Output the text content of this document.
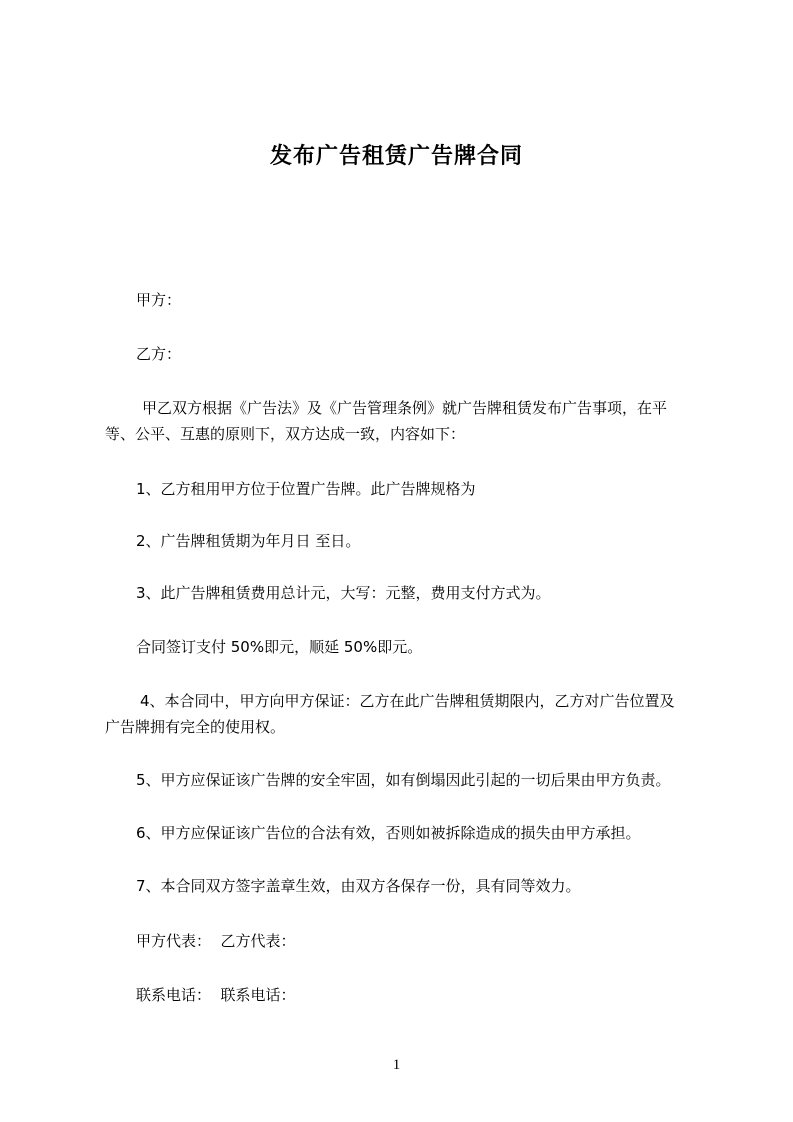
发布广告租赁广告牌合同
甲方：
乙方：
甲乙双方根据《广告法》及《广告管理条例》就广告牌租赁发布广告事项，在平
等、公平、互惠的原则下，双方达成一致，内容如下：
1、乙方租用甲方位于位置广告牌。此广告牌规格为
2、广告牌租赁期为年月日 至日。
3、此广告牌租赁费用总计元，大写：元整，费用支付方式为。
合同签订支付 50%即元，顺延 50%即元。
4、本合同中，甲方向甲方保证：乙方在此广告牌租赁期限内，乙方对广告位置及
广告牌拥有完全的使用权。
5、甲方应保证该广告牌的安全牢固，如有倒塌因此引起的一切后果由甲方负责。
6、甲方应保证该广告位的合法有效，否则如被拆除造成的损失由甲方承担。
7、本合同双方签字盖章生效，由双方各保存一份，具有同等效力。
甲方代表：  乙方代表：
联系电话：  联系电话：
1
